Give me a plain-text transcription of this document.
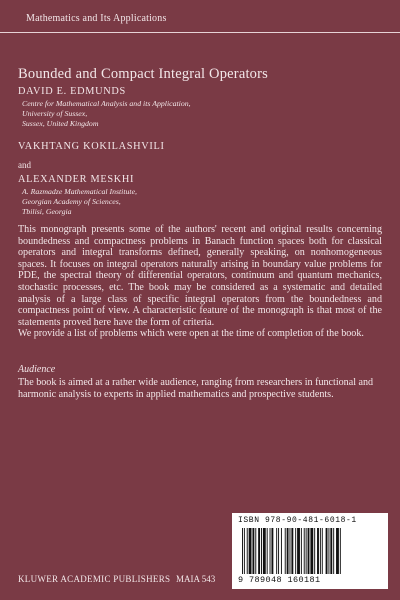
Mathematics and Its Applications
Bounded and Compact Integral Operators
DAVID E. EDMUNDS
Centre for Mathematical Analysis and its Application,
University of Sussex,
Sussex, United Kingdom
VAKHTANG KOKILASHVILI
and
ALEXANDER MESKHI
A. Razmadze Mathematical Institute,
Georgian Academy of Sciences,
Tbilisi, Georgia
This monograph presents some of the authors' recent and original results concerning boundedness and compactness problems in Banach function spaces both for classical operators and integral transforms defined, generally speaking, on nonhomogeneous spaces. It focuses on integral operators naturally arising in boundary value problems for PDE, the spectral theory of differential operators, continuum and quantum mechanics, stochastic processes, etc. The book may be considered as a systematic and detailed analysis of a large class of specific integral operators from the boundedness and compactness point of view. A characteristic feature of the monograph is that most of the statements proved here have the form of criteria.
We provide a list of problems which were open at the time of completion of the book.
Audience
The book is aimed at a rather wide audience, ranging from researchers in functional and harmonic analysis to experts in applied mathematics and prospective students.
ISBN 978-90-481-6018-1
9 789048 160181
KLUWER ACADEMIC PUBLISHERS MAIA 543
